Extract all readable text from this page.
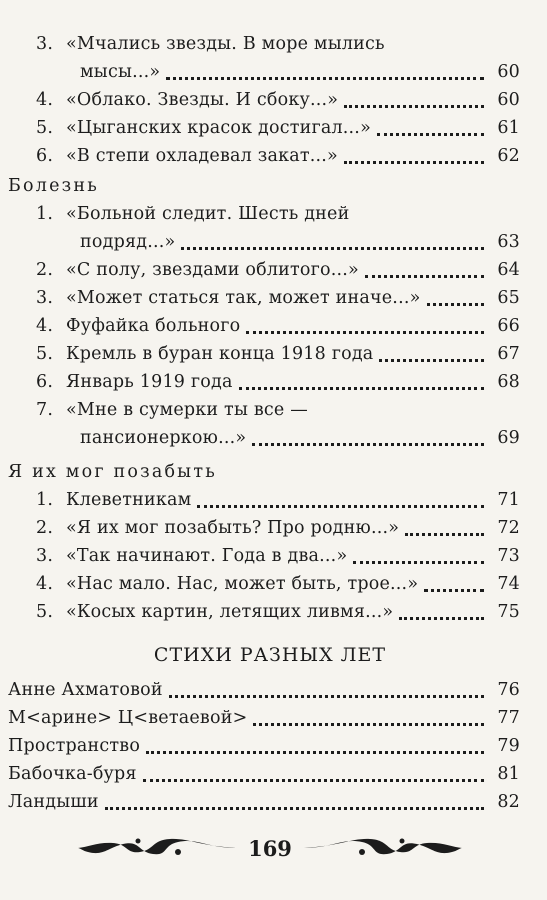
3. «Мчались звезды. В море мылись
мысы...»	60
4. «Облако. Звезды. И сбоку...»	60
5. «Цыганских красок достигал...»	61
6. «В степи охладевал закат...»	62
Болезнь
1. «Больной следит. Шесть дней
подряд...»	63
2. «С полу, звездами облитого...»	64
3. «Может статься так, может иначе...»	65
4. Фуфайка больного	66
5. Кремль в буран конца 1918 года	67
6. Январь 1919 года	68
7. «Мне в сумерки ты все —
пансионеркою...»	69
Я их мог позабыть
1. Клеветникам	71
2. «Я их мог позабыть? Про родню...»	72
3. «Так начинают. Года в два...»	73
4. «Нас мало. Нас, может быть, трое...»	74
5. «Косых картин, летящих ливмя...»	75
СТИХИ РАЗНЫХ ЛЕТ
Анне Ахматовой	76
М<арине> Ц<ветаевой>	77
Пространство	79
Бабочка-буря	81
Ландыши	82
169
